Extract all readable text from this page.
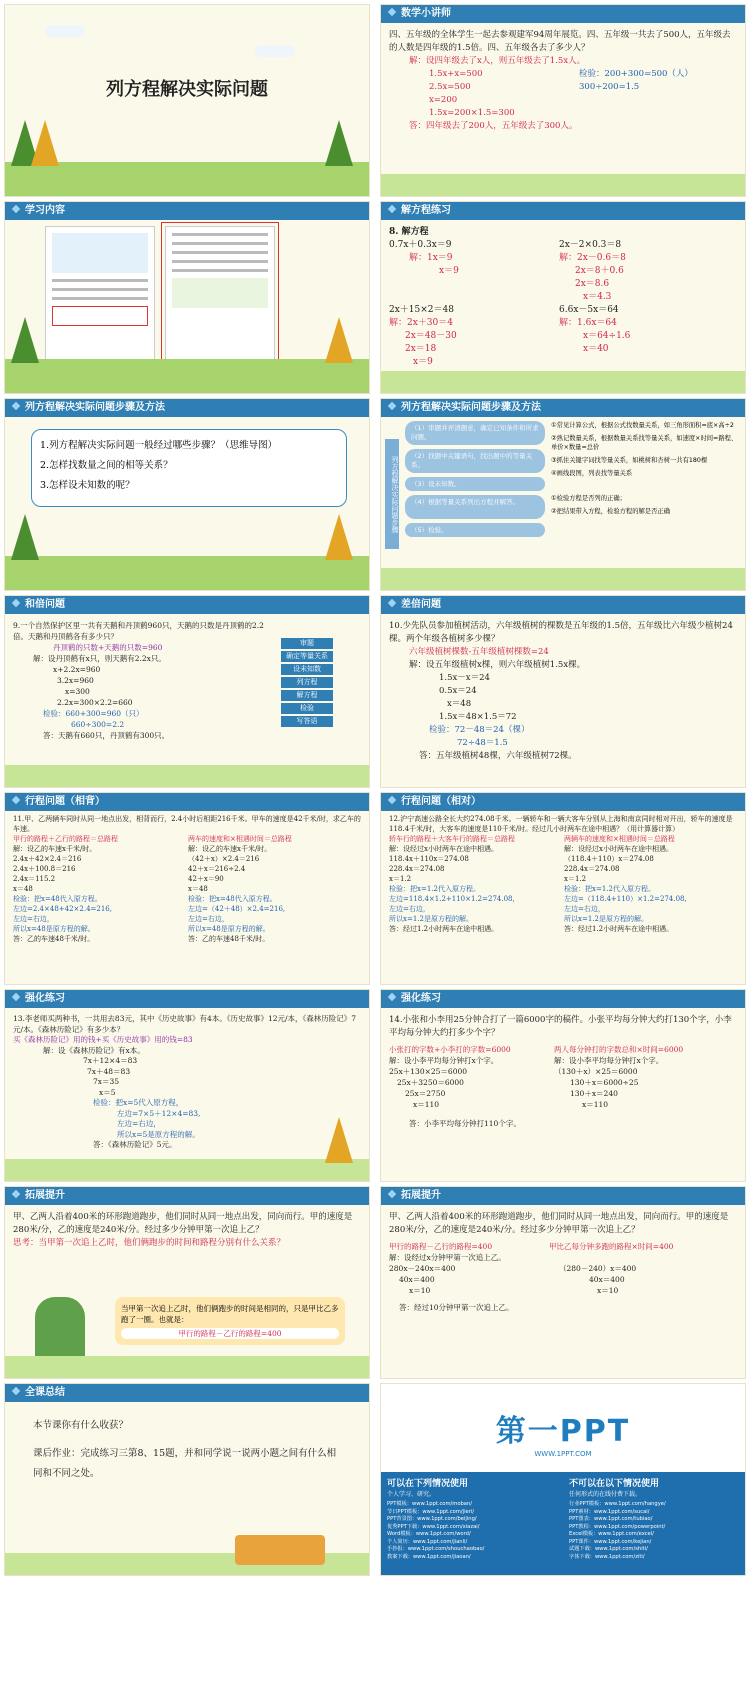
列方程解决实际问题
数学小讲师
四、五年级的全体学生一起去参观建军94周年展览。四、五年级一共去了500人，五年级去的人数是四年级的1.5倍。四、五年级各去了多少人？
解：设四年级去了x人，则五年级去了1.5x人。
1.5x+x=500
2.5x=500
x=200
1.5x=200×1.5=300
检验：200+300=500（人）
300÷200=1.5
答：四年级去了200人，五年级去了300人。
学习内容	解方程练习
8. 解方程
0.7x＋0.3x＝9
解：1x＝9
x＝9
2x－2×0.3＝8
解：2x－0.6＝8
2x＝8＋0.6
2x＝8.6
x＝4.3
2x＋15×2＝48
解：2x＋30＝4
2x＝48－30
2x＝18
x＝9
6.6x－5x＝64
解：1.6x＝64
x＝64÷1.6
x＝40
列方程解决实际问题步骤及方法
1.列方程解决实际问题一般经过哪些步骤？（思维导图）
2.怎样找数量之间的相等关系？
3.怎样设未知数的呢？
列方程解决实际问题步骤及方法
列方程解决实际问题步骤
（1）审题并弄清题意，确定已知条件和所求问题。
（2）找题中关键语句，找出题中的等量关系。
（3）设未知数。
（4）根据等量关系列出方程并解答。
（5）检验。
①常见计算公式，根据公式找数量关系，如三角形面积=底×高÷2
②熟记数量关系，根据数量关系找等量关系，如速度×时间=路程、单价×数量=总价
③抓住关键字词找等量关系，如桃树和杏树一共有180棵
④画线段图，列表找等量关系
①检验方程是否列的正确；
②把结果带入方程，检验方程的解是否正确
和倍问题
9.一个自然保护区里一共有天鹅和丹顶鹤960只，天鹅的只数是丹顶鹤的2.2倍。天鹅和丹顶鹤各有多少只？
丹顶鹤的只数+天鹅的只数=960
解：设丹顶鹤有x只，则天鹅有2.2x只。
x+2.2x=960
3.2x=960
x=300
2.2x=300×2.2=660
检验：660+300=960（只）
660÷300=2.2
答：天鹅有660只，丹顶鹤有300只。
审题
确定等量关系
设未知数
列方程
解方程
检验
写答语
差倍问题
10.少先队员参加植树活动，六年级植树的棵数是五年级的1.5倍，五年级比六年级少植树24棵。两个年级各植树多少棵？
六年级植树棵数-五年级植树棵数=24
解：设五年级植树x棵，则六年级植树1.5x棵。
1.5x－x＝24
0.5x＝24
x＝48
1.5x＝48×1.5＝72
检验：72－48＝24（棵）
72÷48＝1.5
答：五年级植树48棵，六年级植树72棵。
行程问题（相背）
11.甲、乙两辆车同时从同一地点出发，相背而行，2.4小时后相距216千米。甲车的速度是42千米/时，求乙车的车速。
甲行的路程＋乙行的路程＝总路程
解：设乙的车速x千米/时。
2.4x＋42×2.4＝216
2.4x＋100.8＝216
2.4x＝115.2
x＝48
检验：把x=48代入原方程。
左边=2.4×48+42×2.4=216,
左边=右边，
所以x=48是原方程的解。
答：乙的车速48千米/时。
两车的速度和×相遇时间＝总路程
解：设乙的车速x千米/时。
（42＋x）×2.4＝216
42＋x＝216÷2.4
42＋x＝90
x＝48
检验：把x=48代入原方程。
左边=（42＋48）×2.4=216,
左边=右边，
所以x=48是原方程的解。
答：乙的车速48千米/时。
行程问题（相对）
12.沪宁高速公路全长大约274.08千米。一辆轿车和一辆大客车分别从上海和南京同时相对开出，轿车的速度是118.4千米/时，大客车的速度是110千米/时。经过几小时两车在途中相遇？（用计算器计算）
轿车行的路程＋大客车行的路程＝总路程
解：设经过x小时两车在途中相遇。
118.4x＋110x＝274.08
228.4x＝274.08
x＝1.2
检验：把x=1.2代入原方程。
左边=118.4×1.2+110×1.2=274.08,
左边=右边，
所以x=1.2是原方程的解。
答：经过1.2小时两车在途中相遇。
两辆车的速度和×相遇时间＝总路程
解：设经过x小时两车在途中相遇。
（118.4＋110）x＝274.08
228.4x＝274.08
x＝1.2
检验：把x=1.2代入原方程。
左边=（118.4+110）×1.2=274.08,
左边=右边，
所以x=1.2是原方程的解。
答：经过1.2小时两车在途中相遇。
强化练习
13.李老师买两种书，一共用去83元，其中《历史故事》有4本。《历史故事》12元/本，《森林历险记》7元/本。《森林历险记》有多少本？
买《森林历险记》用的钱+买《历史故事》用的钱=83
解：设《森林历险记》有x本。
7x＋12×4＝83
7x＋48＝83
7x＝35
x＝5
检验：把x=5代入原方程，
左边=7×5＋12×4=83,
左边=右边，
所以x=5是原方程的解。
答：《森林历险记》5元。
强化练习
14.小张和小李用25分钟合打了一篇6000字的稿件。小张平均每分钟大约打130个字，小李平均每分钟大约打多少个字？
小张打的字数+小李打的字数=6000
解：设小李平均每分钟打x个字。
25x＋130×25＝6000
25x＋3250＝6000
25x＝2750
x＝110
两人每分钟打的字数总和×时间=6000
解：设小李平均每分钟打x个字。
（130＋x）×25＝6000
130＋x＝6000÷25
130＋x＝240
x＝110
答：小李平均每分钟打110个字。
拓展提升
甲、乙两人沿着400米的环形跑道跑步，他们同时从同一地点出发，同向而行。甲的速度是280米/分，乙的速度是240米/分。经过多少分钟甲第一次追上乙？
思考：当甲第一次追上乙时，他们俩跑步的时间和路程分别有什么关系？
当甲第一次追上乙时，他们俩跑步的时间是相同的，只是甲比乙多跑了一圈。也就是：
甲行的路程－乙行的路程=400
拓展提升
甲、乙两人沿着400米的环形跑道跑步，他们同时从同一地点出发，同向而行。甲的速度是280米/分，乙的速度是240米/分。经过多少分钟甲第一次追上乙？
甲行的路程－乙行的路程=400
解：设经过x分钟甲第一次追上乙。
280x－240x＝400
40x＝400
x＝10
甲比乙每分钟多跑的路程×时间=400
（280－240）x＝400
40x＝400
x＝10
答：经过10分钟甲第一次追上乙。
全课总结
本节课你有什么收获？
课后作业：完成练习三第8、15题，并和同学说一说两小题之间有什么相同和不同之处。
第一PPT
WWW.1PPT.COM
可以在下列情况使用
个人学习、研究。
PPT模板：www.1ppt.com/moban/
节日PPT模板：www.1ppt.com/jieri/
PPT背景图：www.1ppt.com/beijing/
优秀PPT下载：www.1ppt.com/xiazai/
Word模板：www.1ppt.com/word/
个人简历：www.1ppt.com/jianli/
手抄报：www.1ppt.com/shouchaobao/
教案下载：www.1ppt.com/jiaoan/
不可以在以下情况使用
任何形式的在线付费下载。
行业PPT模板：www.1ppt.com/hangye/
PPT素材：www.1ppt.com/sucai/
PPT图表：www.1ppt.com/tubiao/
PPT教程：www.1ppt.com/powerpoint/
Excel模板：www.1ppt.com/excel/
PPT课件：www.1ppt.com/kejian/
试题下载：www.1ppt.com/shiti/
字体下载：www.1ppt.com/ziti/
